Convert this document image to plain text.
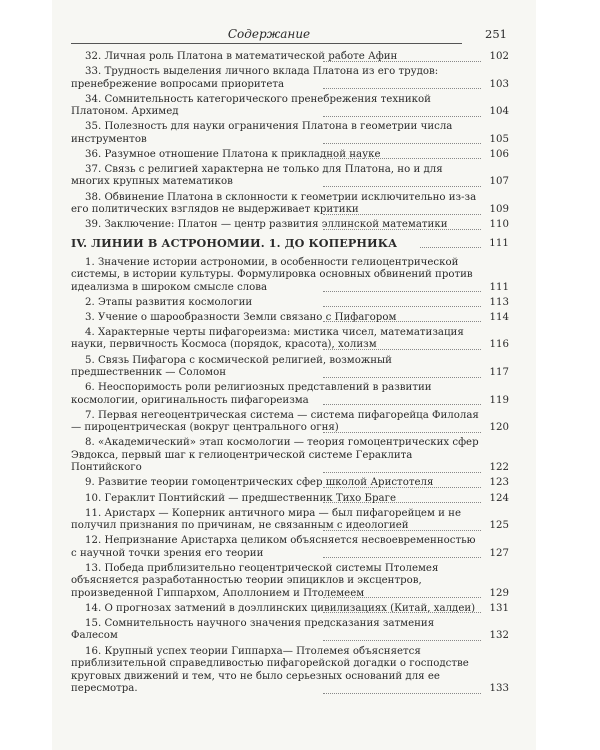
Содержание	251
32. Личная роль Платона в математической работе Афин	102
33. Трудность выделения личного вклада Платона из его трудов: пренебрежение вопросами приоритета	103
34. Сомнительность категорического пренебрежения техникой Платоном. Архимед	104
35. Полезность для науки ограничения Платона в геометрии числа инструментов	105
36. Разумное отношение Платона к прикладной науке	106
37. Связь с религией характерна не только для Платона, но и для многих крупных математиков	107
38. Обвинение Платона в склонности к геометрии исключительно из-за его политических взглядов не выдерживает критики	109
39. Заключение: Платон — центр развития эллинской математики	110
IV. ЛИНИИ В АСТРОНОМИИ. 1. ДО КОПЕРНИКА	111
1. Значение истории астрономии, в особенности гелиоцентрической системы, в истории культуры. Формулировка основных обвинений против идеализма в широком смысле слова	111
2. Этапы развития космологии	113
3. Учение о шарообразности Земли связано с Пифагором	114
4. Характерные черты пифагореизма: мистика чисел, математизация науки, первичность Космоса (порядок, красота), холизм	116
5. Связь Пифагора с космической религией, возможный предшественник — Соломон	117
6. Неоспоримость роли религиозных представлений в развитии космологии, оригинальность пифагореизма	119
7. Первая негеоцентрическая система — система пифагорейца Филолая — пироцентрическая (вокруг центрального огня)	120
8. «Академический» этап космологии — теория гомоцентрических сфер Эвдокса, первый шаг к гелиоцентрической системе Гераклита Понтийского	122
9. Развитие теории гомоцентрических сфер школой Аристотеля	123
10. Гераклит Понтийский — предшественник Тихо Браге	124
11. Аристарх — Коперник античного мира — был пифагорейцем и не получил признания по причинам, не связанным с идеологией	125
12. Непризнание Аристарха целиком объясняется несвоевременностью с научной точки зрения его теории	127
13. Победа приблизительно геоцентрической системы Птолемея объясняется разработанностью теории эпициклов и эксцентров, произведенной Гиппархом, Аполлонием и Птолемеем	129
14. О прогнозах затмений в доэллинских цивилизациях (Китай, халдеи)	131
15. Сомнительность научного значения предсказания затмения Фалесом	132
16. Крупный успех теории Гиппарха— Птолемея объясняется приблизительной справедливостью пифагорейской догадки о господстве круговых движений и тем, что не было серьезных оснований для ее пересмотра.	133
